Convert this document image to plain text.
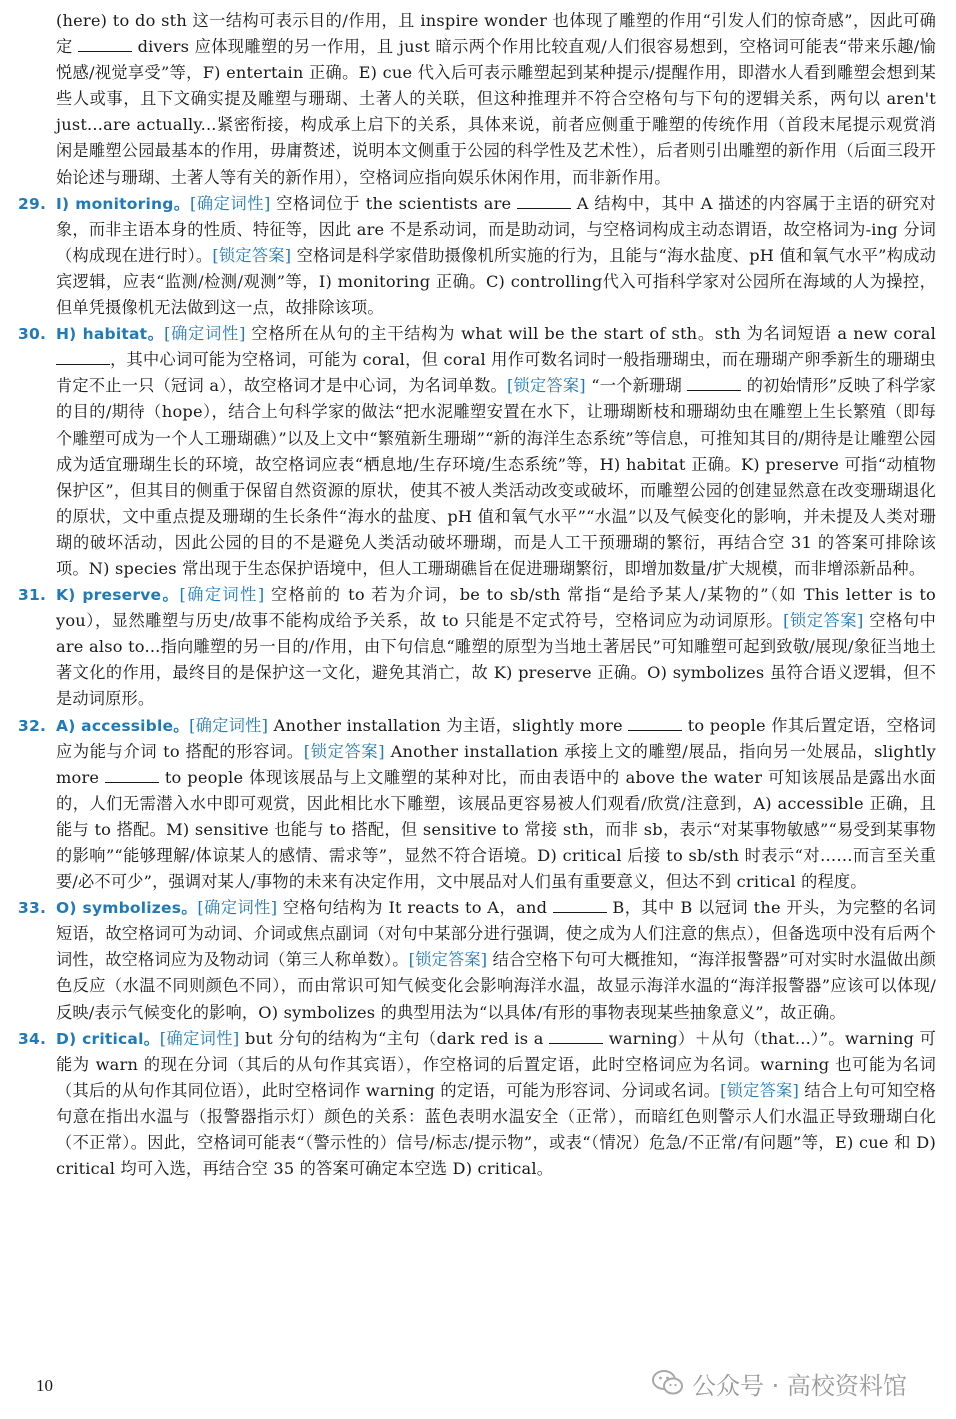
(here) to do sth 这一结构可表示目的/作用，且 inspire wonder 也体现了雕塑的作用“引发人们的惊奇感”，因此可确定	divers 应体现雕塑的另一作用，且 just 暗示两个作用比较直观/人们很容易想到，空格词可能表“带来乐趣/愉悦感/视觉享受”等，F) entertain 正确。E) cue 代入后可表示雕塑起到某种提示/提醒作用，即潜水人看到雕塑会想到某些人或事，且下文确实提及雕塑与珊瑚、土著人的关联，但这种推理并不符合空格句与下句的逻辑关系，两句以 aren't just...are actually...紧密衔接，构成承上启下的关系，具体来说，前者应侧重于雕塑的传统作用（首段末尾提示观赏消闲是雕塑公园最基本的作用，毋庸赘述，说明本文侧重于公园的科学性及艺术性），后者则引出雕塑的新作用（后面三段开始论述与珊瑚、土著人等有关的新作用），空格词应指向娱乐休闲作用，而非新作用。

29. I) monitoring。[确定词性] 空格词位于 the scientists are	A 结构中，其中 A 描述的内容属于主语的研究对象，而非主语本身的性质、特征等，因此 are 不是系动词，而是助动词，与空格词构成主动态谓语，故空格词为-ing 分词（构成现在进行时）。[锁定答案] 空格词是科学家借助摄像机所实施的行为，且能与“海水盐度、pH 值和氧气水平”构成动宾逻辑，应表“监测/检测/观测”等，I) monitoring 正确。C) controlling代入可指科学家对公园所在海域的人为操控，但单凭摄像机无法做到这一点，故排除该项。

30. H) habitat。[确定词性] 空格所在从句的主干结构为 what will be the start of sth。sth 为名词短语 a new coral ，其中心词可能为空格词，可能为 coral，但 coral 用作可数名词时一般指珊瑚虫，而在珊瑚产卵季新生的珊瑚虫肯定不止一只（冠词 a），故空格词才是中心词，为名词单数。[锁定答案] “一个新珊瑚	的初始情形”反映了科学家的目的/期待（hope），结合上句科学家的做法“把水泥雕塑安置在水下，让珊瑚断枝和珊瑚幼虫在雕塑上生长繁殖（即每个雕塑可成为一个人工珊瑚礁）”以及上文中“繁殖新生珊瑚”“新的海洋生态系统”等信息，可推知其目的/期待是让雕塑公园成为适宜珊瑚生长的环境，故空格词应表“栖息地/生存环境/生态系统”等，H) habitat 正确。K) preserve 可指“动植物保护区”，但其目的侧重于保留自然资源的原状，使其不被人类活动改变或破坏，而雕塑公园的创建显然意在改变珊瑚退化的原状，文中重点提及珊瑚的生长条件“海水的盐度、pH 值和氧气水平”“水温”以及气候变化的影响，并未提及人类对珊瑚的破坏活动，因此公园的目的不是避免人类活动破坏珊瑚，而是人工干预珊瑚的繁衍，再结合空 31 的答案可排除该项。N) species 常出现于生态保护语境中，但人工珊瑚礁旨在促进珊瑚繁衍，即增加数量/扩大规模，而非增添新品种。

31. K) preserve。[确定词性] 空格前的 to 若为介词，be to sb/sth 常指“是给予某人/某物的”（如 This letter is to you），显然雕塑与历史/故事不能构成给予关系，故 to 只能是不定式符号，空格词应为动词原形。[锁定答案] 空格句中 are also to...指向雕塑的另一目的/作用，由下句信息“雕塑的原型为当地土著居民”可知雕塑可起到致敬/展现/象征当地土著文化的作用，最终目的是保护这一文化，避免其消亡，故 K) preserve 正确。O) symbolizes 虽符合语义逻辑，但不是动词原形。

32. A) accessible。[确定词性] Another installation 为主语，slightly more	to people 作其后置定语，空格词应为能与介词 to 搭配的形容词。[锁定答案] Another installation 承接上文的雕塑/展品，指向另一处展品，slightly more	to people 体现该展品与上文雕塑的某种对比，而由表语中的 above the water 可知该展品是露出水面的，人们无需潜入水中即可观赏，因此相比水下雕塑，该展品更容易被人们观看/欣赏/注意到，A) accessible 正确，且能与 to 搭配。M) sensitive 也能与 to 搭配，但 sensitive to 常接 sth，而非 sb，表示“对某事物敏感”“易受到某事物的影响”“能够理解/体谅某人的感情、需求等”，显然不符合语境。D) critical 后接 to sb/sth 时表示“对……而言至关重要/必不可少”，强调对某人/事物的未来有决定作用，文中展品对人们虽有重要意义，但达不到 critical 的程度。

33. O) symbolizes。[确定词性] 空格句结构为 It reacts to A，and	B，其中 B 以冠词 the 开头，为完整的名词短语，故空格词可为动词、介词或焦点副词（对句中某部分进行强调，使之成为人们注意的焦点），但备选项中没有后两个词性，故空格词应为及物动词（第三人称单数）。[锁定答案] 结合空格下句可大概推知，“海洋报警器”可对实时水温做出颜色反应（水温不同则颜色不同），而由常识可知气候变化会影响海洋水温，故显示海洋水温的“海洋报警器”应该可以体现/反映/表示气候变化的影响，O) symbolizes 的典型用法为“以具体/有形的事物表现某些抽象意义”，故正确。

34. D) critical。[确定词性] but 分句的结构为“主句（dark red is a	warning）＋从句（that...）”。warning 可能为 warn 的现在分词（其后的从句作其宾语），作空格词的后置定语，此时空格词应为名词。warning 也可能为名词（其后的从句作其同位语），此时空格词作 warning 的定语，可能为形容词、分词或名词。[锁定答案] 结合上句可知空格句意在指出水温与（报警器指示灯）颜色的关系：蓝色表明水温安全（正常），而暗红色则警示人们水温正导致珊瑚白化（不正常）。因此，空格词可能表“（警示性的）信号/标志/提示物”，或表“（情况）危急/不正常/有问题”等，E) cue 和 D) critical 均可入选，再结合空 35 的答案可确定本空选 D) critical。

10	公众号 · 高校资料馆
